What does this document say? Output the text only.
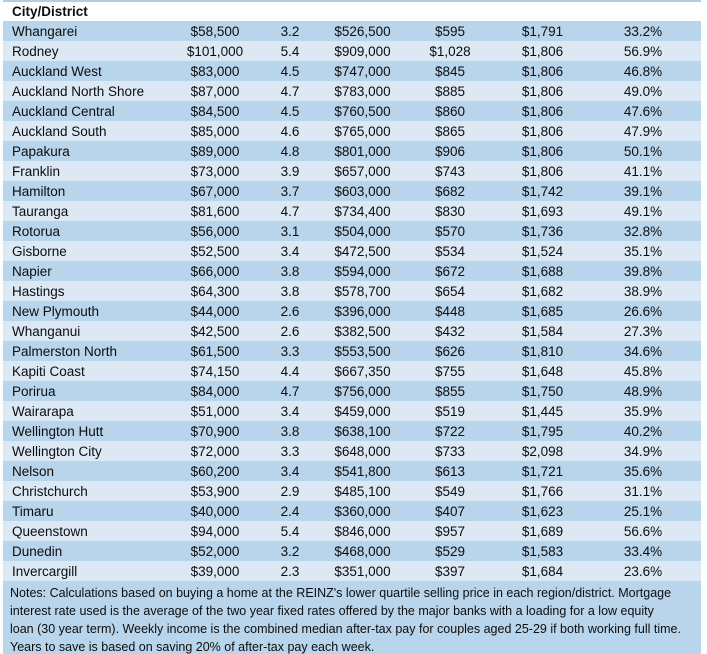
City/District
Whangarei	$58,500	3.2	$526,500	$595	$1,791	33.2%
Rodney	$101,000	5.4	$909,000	$1,028	$1,806	56.9%
Auckland West	$83,000	4.5	$747,000	$845	$1,806	46.8%
Auckland North Shore	$87,000	4.7	$783,000	$885	$1,806	49.0%
Auckland Central	$84,500	4.5	$760,500	$860	$1,806	47.6%
Auckland South	$85,000	4.6	$765,000	$865	$1,806	47.9%
Papakura	$89,000	4.8	$801,000	$906	$1,806	50.1%
Franklin	$73,000	3.9	$657,000	$743	$1,806	41.1%
Hamilton	$67,000	3.7	$603,000	$682	$1,742	39.1%
Tauranga	$81,600	4.7	$734,400	$830	$1,693	49.1%
Rotorua	$56,000	3.1	$504,000	$570	$1,736	32.8%
Gisborne	$52,500	3.4	$472,500	$534	$1,524	35.1%
Napier	$66,000	3.8	$594,000	$672	$1,688	39.8%
Hastings	$64,300	3.8	$578,700	$654	$1,682	38.9%
New Plymouth	$44,000	2.6	$396,000	$448	$1,685	26.6%
Whanganui	$42,500	2.6	$382,500	$432	$1,584	27.3%
Palmerston North	$61,500	3.3	$553,500	$626	$1,810	34.6%
Kapiti Coast	$74,150	4.4	$667,350	$755	$1,648	45.8%
Porirua	$84,000	4.7	$756,000	$855	$1,750	48.9%
Wairarapa	$51,000	3.4	$459,000	$519	$1,445	35.9%
Wellington Hutt	$70,900	3.8	$638,100	$722	$1,795	40.2%
Wellington City	$72,000	3.3	$648,000	$733	$2,098	34.9%
Nelson	$60,200	3.4	$541,800	$613	$1,721	35.6%
Christchurch	$53,900	2.9	$485,100	$549	$1,766	31.1%
Timaru	$40,000	2.4	$360,000	$407	$1,623	25.1%
Queenstown	$94,000	5.4	$846,000	$957	$1,689	56.6%
Dunedin	$52,000	3.2	$468,000	$529	$1,583	33.4%
Invercargill	$39,000	2.3	$351,000	$397	$1,684	23.6%
Notes: Calculations based on buying a home at the REINZ's lower quartile selling price in each region/district. Mortgage
interest rate used is the average of the two year fixed rates offered by the major banks with a loading for a low equity
loan (30 year term). Weekly income is the combined median after-tax pay for couples aged 25-29 if both working full time.
Years to save is based on saving 20% of after-tax pay each week.
